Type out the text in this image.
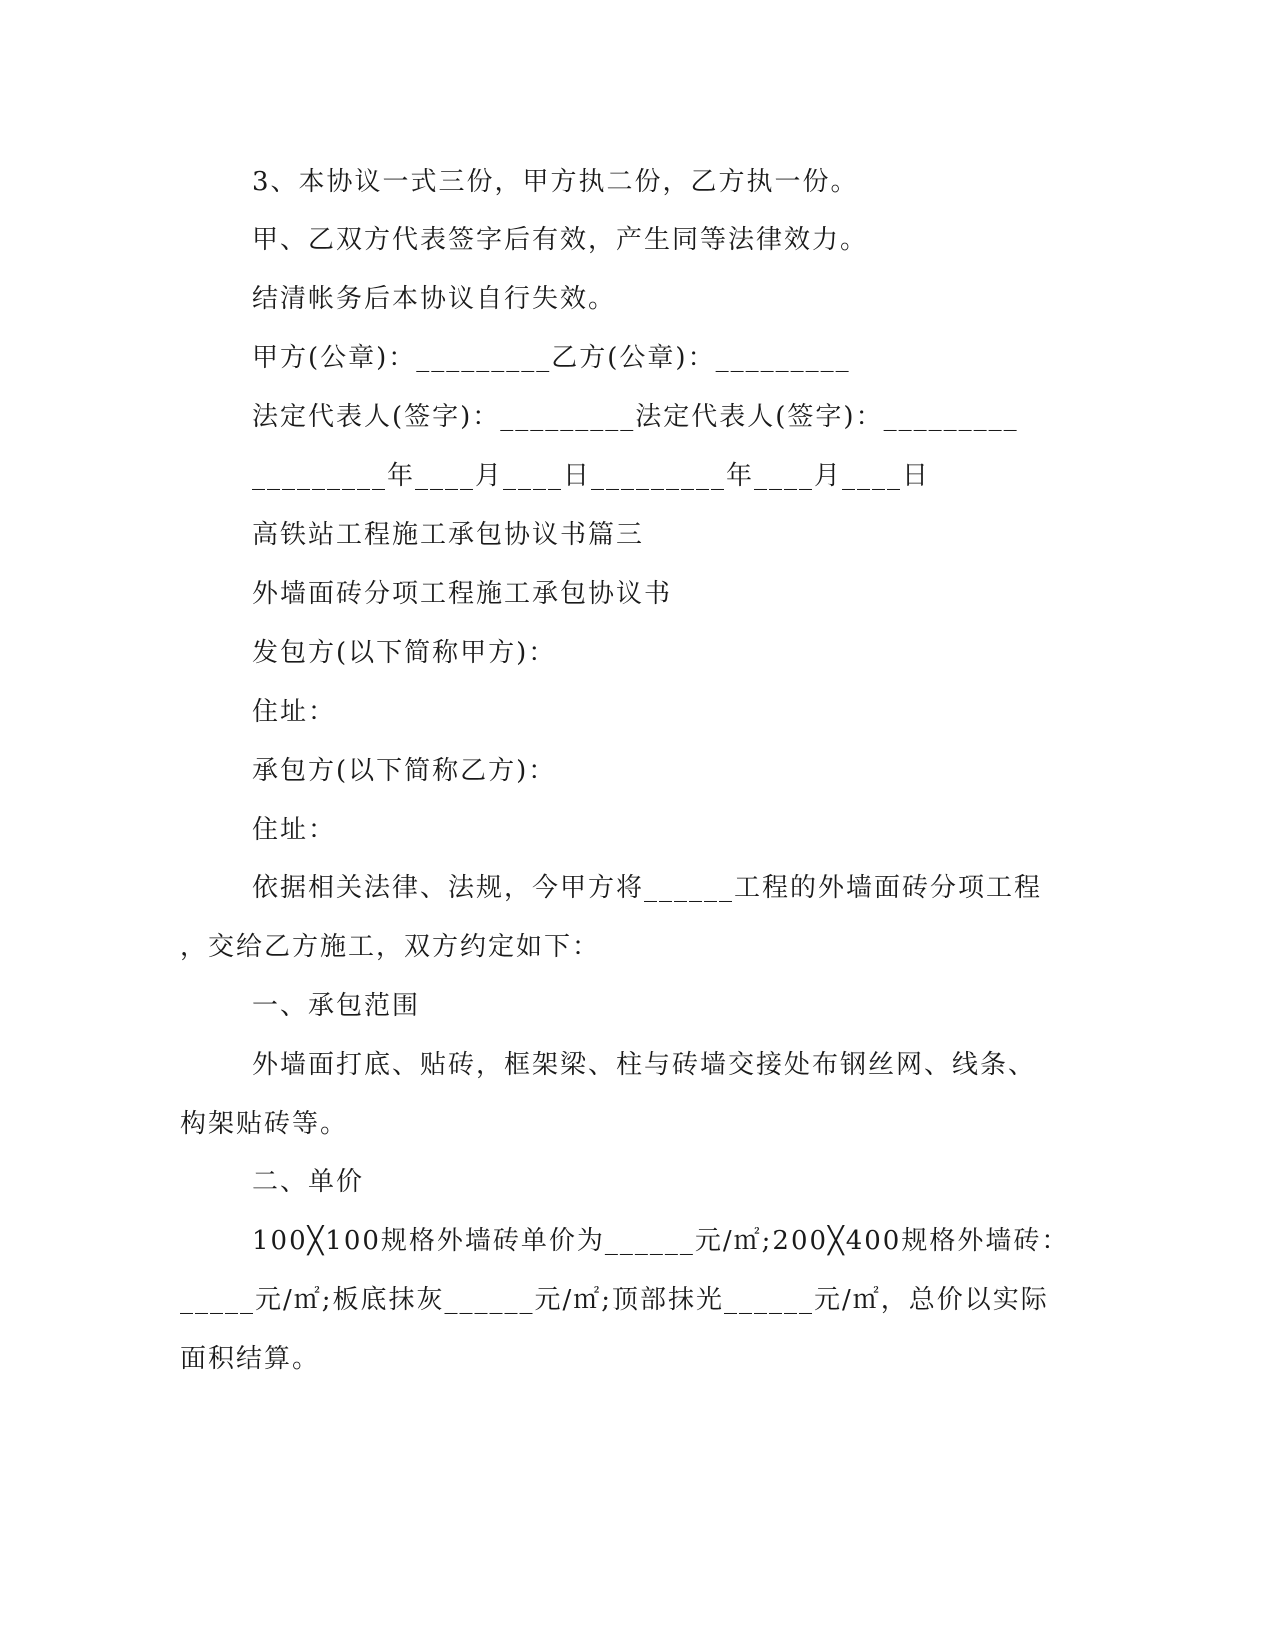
3、本协议一式三份，甲方执二份，乙方执一份。
甲、乙双方代表签字后有效，产生同等法律效力。
结清帐务后本协议自行失效。
甲方(公章)：_________乙方(公章)：_________
法定代表人(签字)：_________法定代表人(签字)：_________
_________年____月____日_________年____月____日
高铁站工程施工承包协议书篇三
外墙面砖分项工程施工承包协议书
发包方(以下简称甲方)：
住址：
承包方(以下简称乙方)：
住址：
依据相关法律、法规，今甲方将______工程的外墙面砖分项工程
，交给乙方施工，双方约定如下：
一、承包范围
外墙面打底、贴砖，框架梁、柱与砖墙交接处布钢丝网、线条、
构架贴砖等。
二、单价
100╳100规格外墙砖单价为______元/㎡;200╳400规格外墙砖：
_____元/㎡;板底抹灰______元/㎡;顶部抹光______元/㎡，总价以实际
面积结算。
